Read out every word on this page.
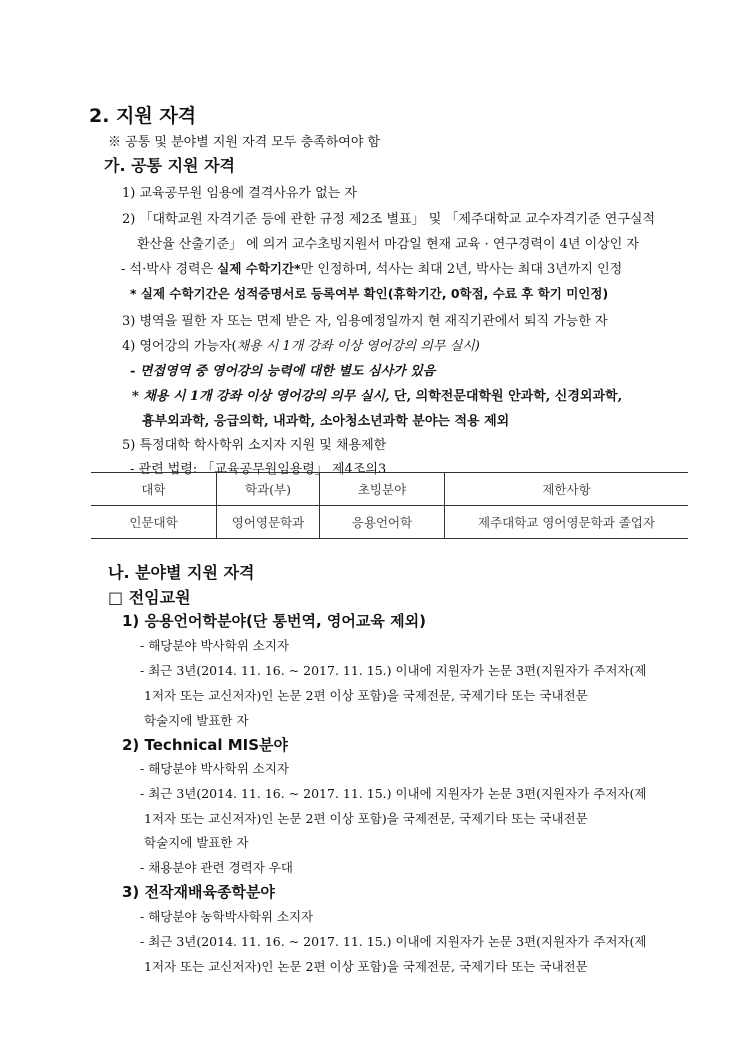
2. 지원 자격
※ 공통 및 분야별 지원 자격 모두 충족하여야 함
가. 공통 지원 자격
1) 교육공무원 임용에 결격사유가 없는 자
2) 「대학교원 자격기준 등에 관한 규정 제2조 별표」 및 「제주대학교 교수자격기준 연구실적
환산율 산출기준」 에 의거 교수초빙지원서 마감일 현재 교육 · 연구경력이 4년 이상인 자
- 석·박사 경력은 실제 수학기간*만 인정하며, 석사는 최대 2년, 박사는 최대 3년까지 인정
* 실제 수학기간은 성적증명서로 등록여부 확인(휴학기간, 0학점, 수료 후 학기 미인정)
3) 병역을 필한 자 또는 면제 받은 자, 임용예정일까지 현 재직기관에서 퇴직 가능한 자
4) 영어강의 가능자(채용 시 1개 강좌 이상 영어강의 의무 실시)
- 면접영역 중 영어강의 능력에 대한 별도 심사가 있음
* 채용 시 1개 강좌 이상 영어강의 의무 실시, 단, 의학전문대학원 안과학, 신경외과학,
흉부외과학, 응급의학, 내과학, 소아청소년과학 분야는 적용 제외
5) 특정대학 학사학위 소지자 지원 및 채용제한
- 관련 법령: 「교육공무원임용령」 제4조의3
대학	학과(부)	초빙분야	제한사항
인문대학	영어영문학과	응용언어학	제주대학교 영어영문학과 졸업자
나. 분야별 지원 자격
□ 전임교원
1) 응용언어학분야(단 통번역, 영어교육 제외)
- 해당분야 박사학위 소지자
- 최근 3년(2014. 11. 16. ~ 2017. 11. 15.) 이내에 지원자가 논문 3편(지원자가 주저자(제
1저자 또는 교신저자)인 논문 2편 이상 포함)을 국제전문, 국제기타 또는 국내전문
학술지에 발표한 자
2) Technical MIS분야
- 해당분야 박사학위 소지자
- 최근 3년(2014. 11. 16. ~ 2017. 11. 15.) 이내에 지원자가 논문 3편(지원자가 주저자(제
1저자 또는 교신저자)인 논문 2편 이상 포함)을 국제전문, 국제기타 또는 국내전문
학술지에 발표한 자
- 채용분야 관련 경력자 우대
3) 전작재배육종학분야
- 해당분야 농학박사학위 소지자
- 최근 3년(2014. 11. 16. ~ 2017. 11. 15.) 이내에 지원자가 논문 3편(지원자가 주저자(제
1저자 또는 교신저자)인 논문 2편 이상 포함)을 국제전문, 국제기타 또는 국내전문
